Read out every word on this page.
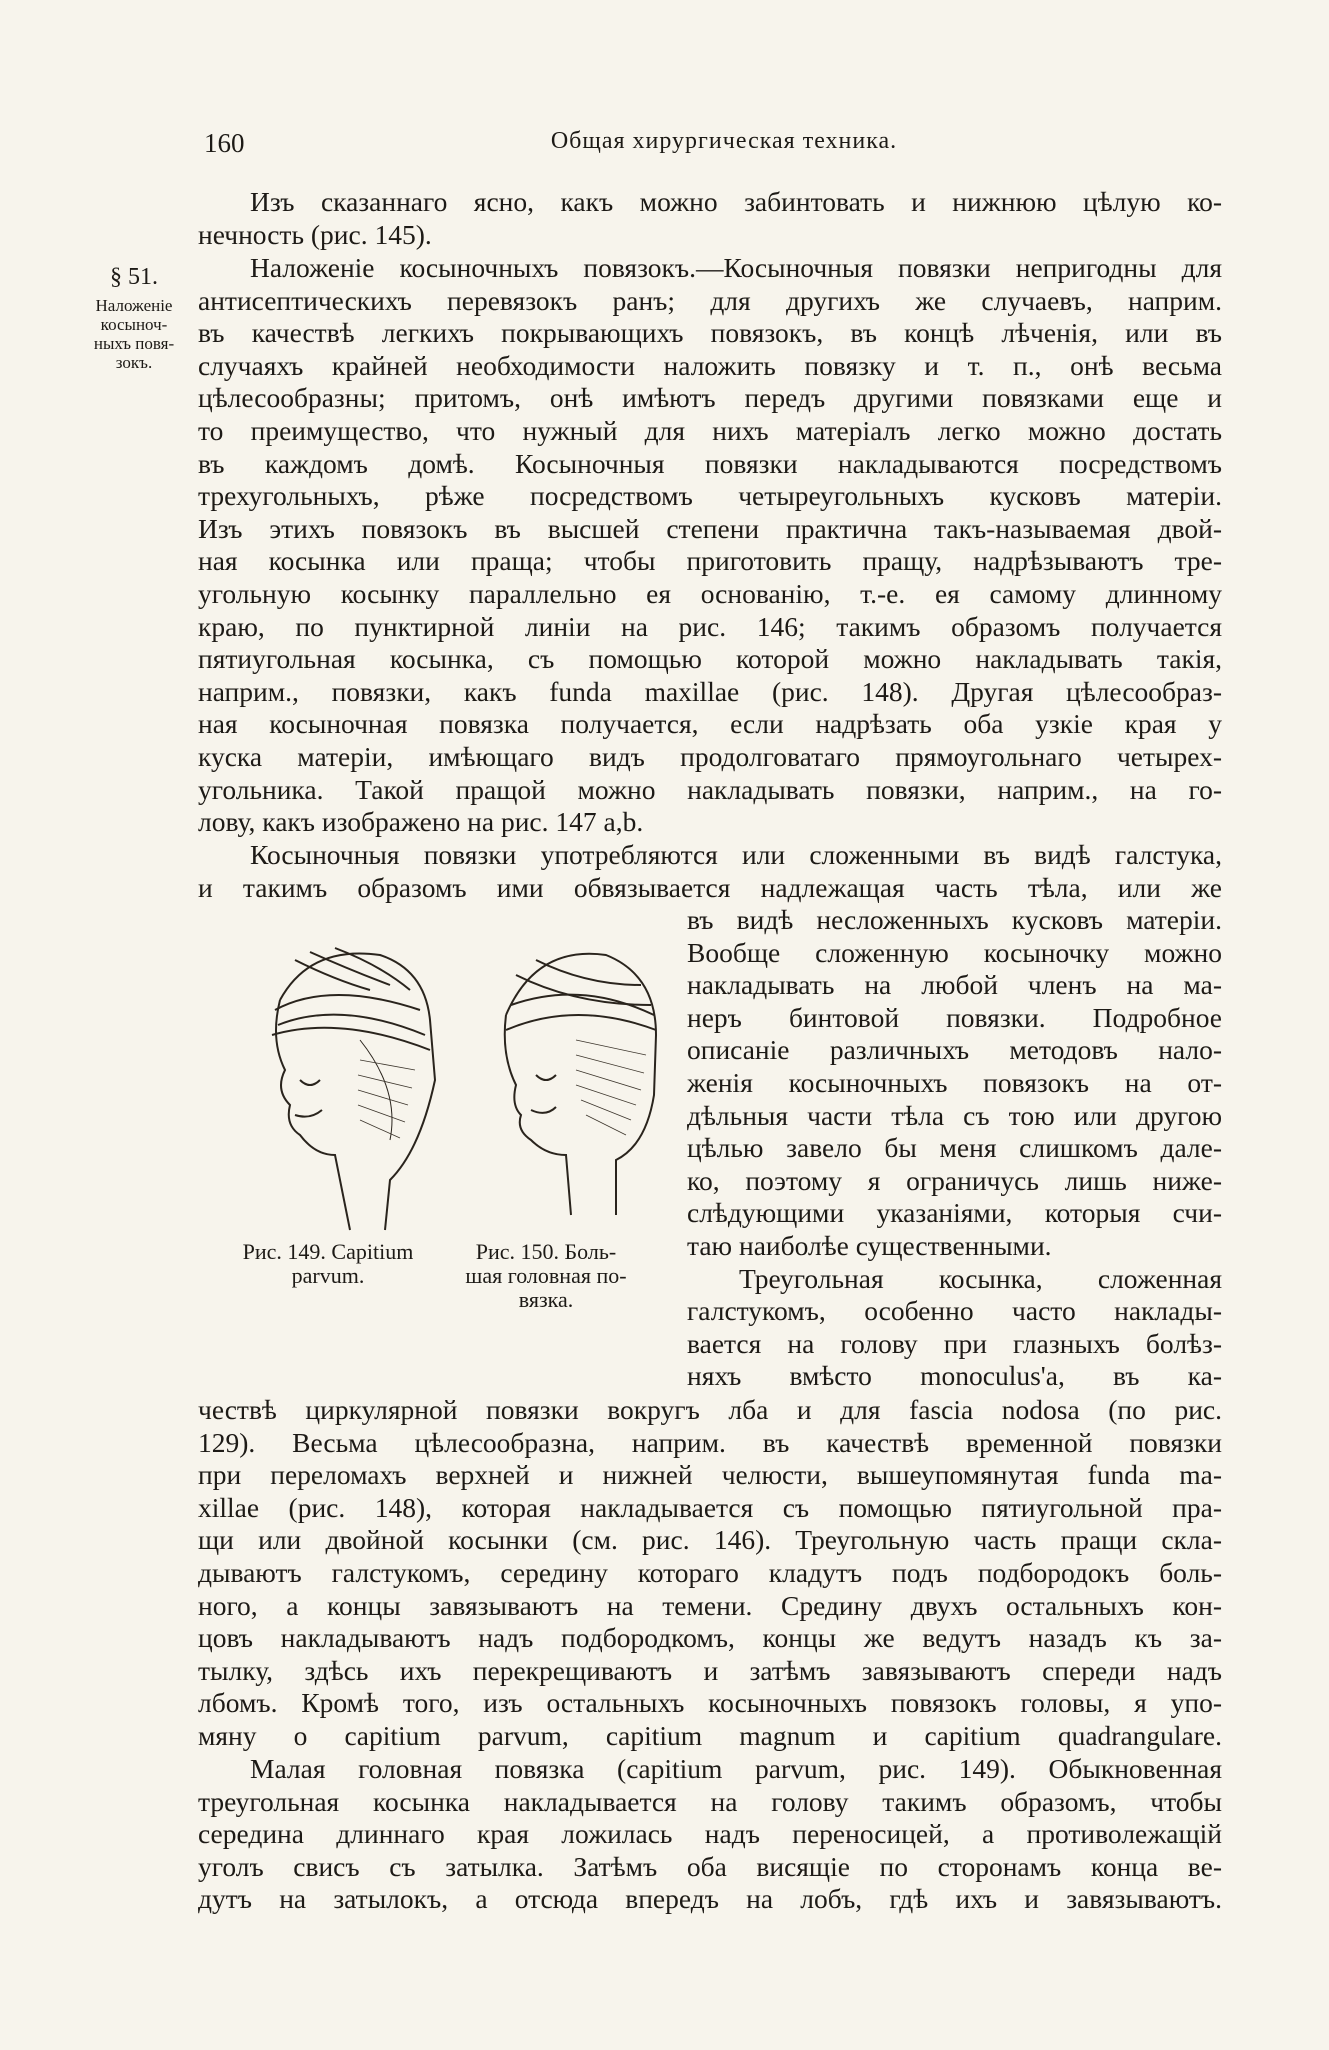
160	Общая хирургическая техника.
§ 51.
Наложеніе
косыноч-
ныхъ повя-
зокъ.
Изъ сказаннаго ясно, какъ можно забинтовать и нижнюю цѣлую ко-
нечность (рис. 145).
Наложеніе косыночныхъ повязокъ.—Косыночныя повязки непригодны для
антисептическихъ перевязокъ ранъ; для другихъ же случаевъ, наприм.
въ качествѣ легкихъ покрывающихъ повязокъ, въ концѣ лѣченія, или въ
случаяхъ крайней необходимости наложить повязку и т. п., онѣ весьма
цѣлесообразны; притомъ, онѣ имѣютъ передъ другими повязками еще и
то преимущество, что нужный для нихъ матеріалъ легко можно достать
въ каждомъ домѣ. Косыночныя повязки накладываются посредствомъ
трехугольныхъ, рѣже посредствомъ четыреугольныхъ кусковъ матеріи.
Изъ этихъ повязокъ въ высшей степени практична такъ-называемая двой-
ная косынка или праща; чтобы приготовить пращу, надрѣзываютъ тре-
угольную косынку параллельно ея основанію, т.-е. ея самому длинному
краю, по пунктирной линіи на рис. 146; такимъ образомъ получается
пятиугольная косынка, съ помощью которой можно накладывать такія,
наприм., повязки, какъ funda maxillae (рис. 148). Другая цѣлесообраз-
ная косыночная повязка получается, если надрѣзать оба узкіе края у
куска матеріи, имѣющаго видъ продолговатаго прямоугольнаго четырех-
угольника. Такой пращой можно накладывать повязки, наприм., на го-
лову, какъ изображено на рис. 147 a,b.
Косыночныя повязки употребляются или сложенными въ видѣ галстука,
и такимъ образомъ ими обвязывается надлежащая часть тѣла, или же
въ видѣ несложенныхъ кусковъ матеріи.
Вообще сложенную косыночку можно
накладывать на любой членъ на ма-
неръ бинтовой повязки. Подробное
описаніе различныхъ методовъ нало-
женія косыночныхъ повязокъ на от-
дѣльныя части тѣла съ тою или другою
цѣлью завело бы меня слишкомъ дале-
ко, поэтому я ограничусь лишь ниже-
слѣдующими указаніями, которыя счи-
таю наиболѣе существенными.
Треугольная косынка, сложенная
галстукомъ, особенно часто наклады-
вается на голову при глазныхъ болѣз-
няхъ вмѣсто monoculus'а, въ ка-
Рис. 149. Capitium
parvum.
Рис. 150. Боль-
шая головная по-
вязка.
чествѣ циркулярной повязки вокругъ лба и для fascia nodosa (по рис.
129). Весьма цѣлесообразна, наприм. въ качествѣ временной повязки
при переломахъ верхней и нижней челюсти, вышеупомянутая funda ma-
xillae (рис. 148), которая накладывается съ помощью пятиугольной пра-
щи или двойной косынки (см. рис. 146). Треугольную часть пращи скла-
дываютъ галстукомъ, середину котораго кладутъ подъ подбородокъ боль-
ного, а концы завязываютъ на темени. Средину двухъ остальныхъ кон-
цовъ накладываютъ надъ подбородкомъ, концы же ведутъ назадъ къ за-
тылку, здѣсь ихъ перекрещиваютъ и затѣмъ завязываютъ спереди надъ
лбомъ. Кромѣ того, изъ остальныхъ косыночныхъ повязокъ головы, я упо-
мяну о capitium parvum, capitium magnum и capitium quadrangulare.
Малая головная повязка (capitium parvum, рис. 149). Обыкновенная
треугольная косынка накладывается на голову такимъ образомъ, чтобы
середина длиннаго края ложилась надъ переносицей, а противолежащій
уголъ свисъ съ затылка. Затѣмъ оба висящіе по сторонамъ конца ве-
дутъ на затылокъ, а отсюда впередъ на лобъ, гдѣ ихъ и завязываютъ.
